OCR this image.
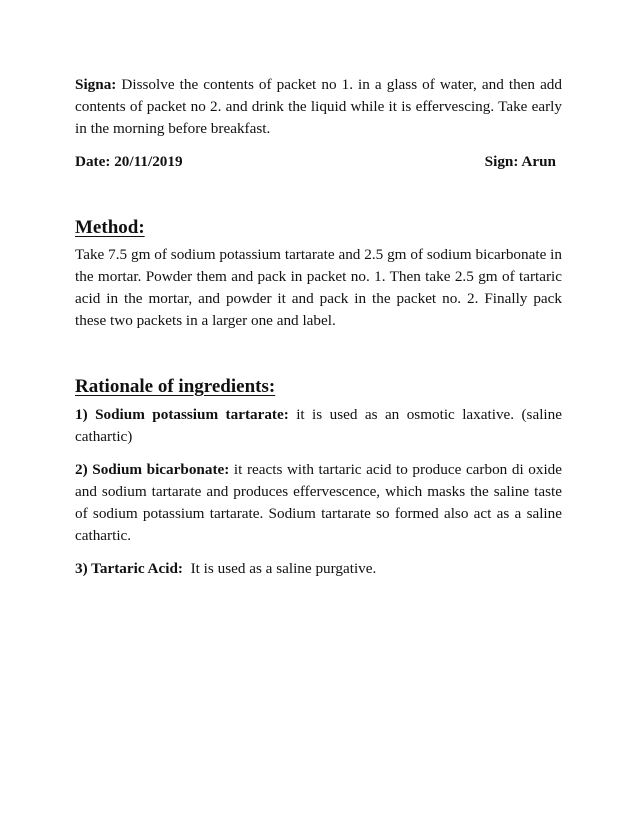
Signa: Dissolve the contents of packet no 1. in a glass of water, and then add contents of packet no 2. and drink the liquid while it is effervescing. Take early in the morning before breakfast.

Date: 20/11/2019	Sign: Arun
Method:

Take 7.5 gm of sodium potassium tartarate and 2.5 gm of sodium bicarbonate in the mortar. Powder them and pack in packet no. 1. Then take 2.5 gm of tartaric acid in the mortar, and powder it and pack in the packet no. 2. Finally pack these two packets in a larger one and label.

Rationale of ingredients:

1) Sodium potassium tartarate: it is used as an osmotic laxative. (saline cathartic)

2) Sodium bicarbonate: it reacts with tartaric acid to produce carbon di oxide and sodium tartarate and produces effervescence, which masks the saline taste of sodium potassium tartarate. Sodium tartarate so formed also act as a saline cathartic.

3) Tartaric Acid:  It is used as a saline purgative.
